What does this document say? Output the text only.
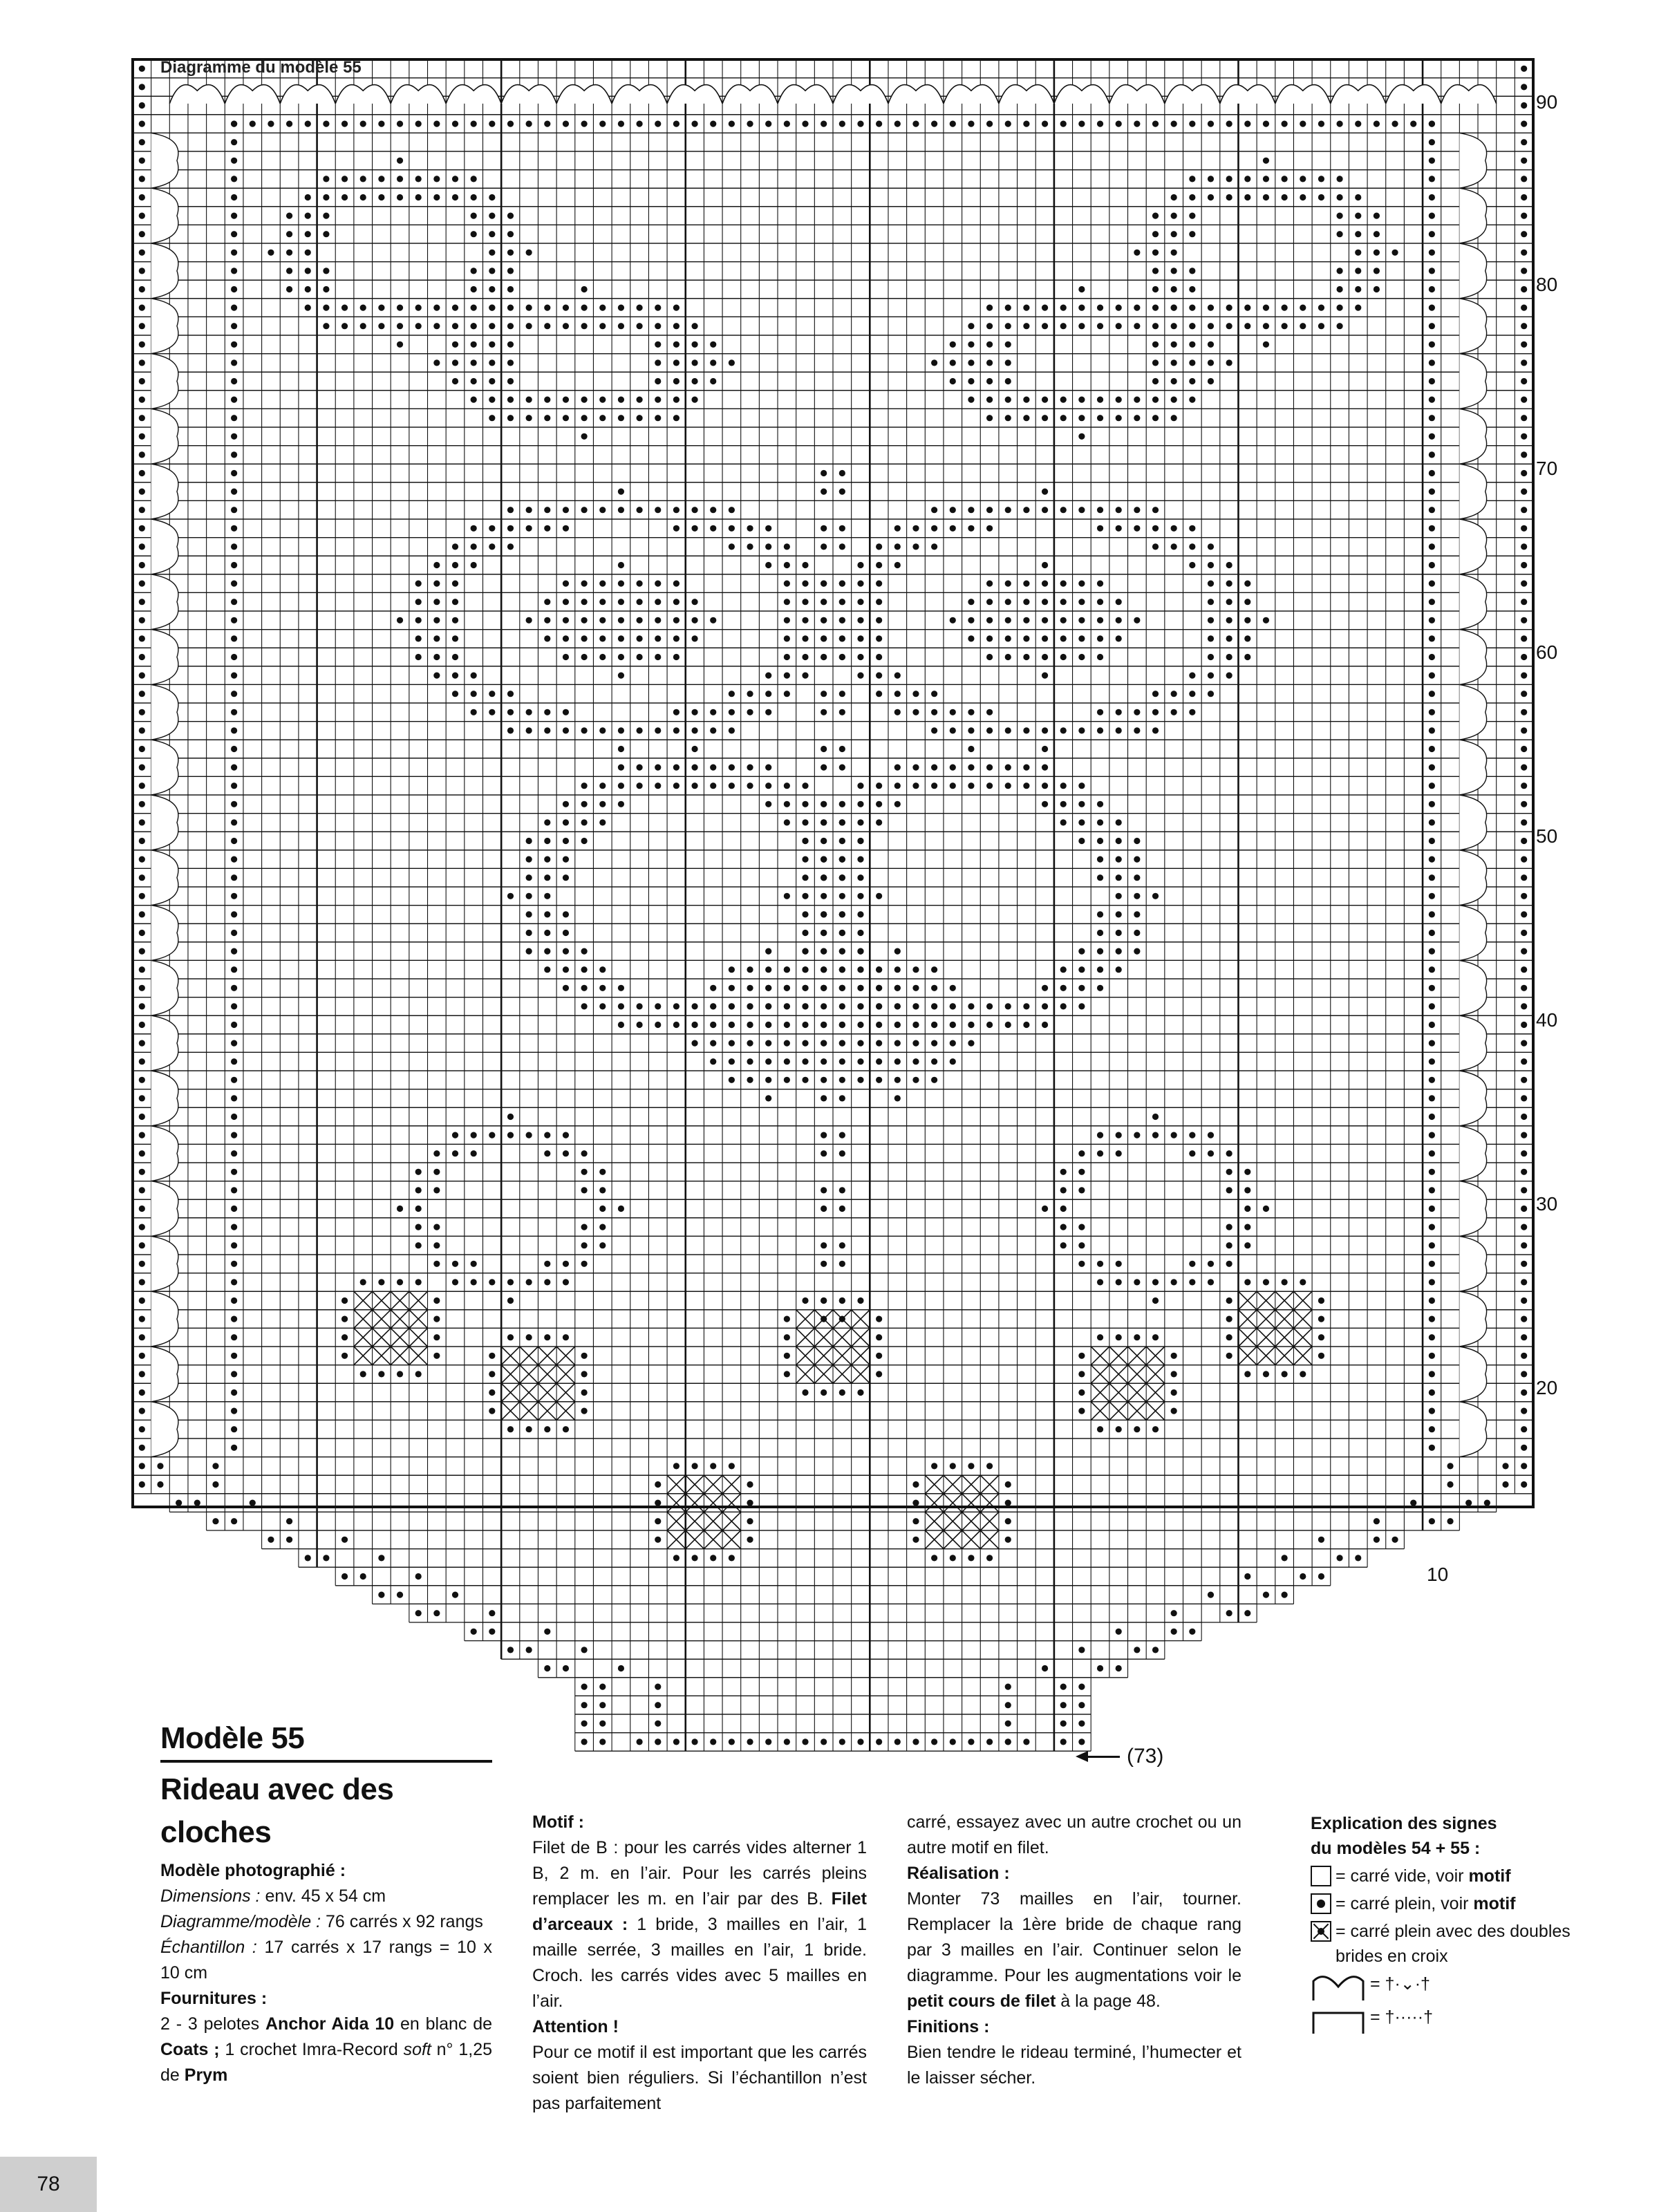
Diagramme du modèle 55
90
80
70
60
50
40
30
20
10
(73)

Modèle 55

Rideau avec des cloches

Modèle photographié :

Dimensions : env. 45 x 54 cm

Diagramme/modèle : 76 carrés x 92 rangs

Échantillon : 17 carrés x 17 rangs = 10 x 10 cm

Fournitures :

2 - 3 pelotes Anchor Aida 10 en blanc de Coats ; 1 crochet Imra-Record soft n° 1,25 de Prym

Motif :

Filet de B : pour les carrés vides alterner 1 B, 2 m. en l’air. Pour les carrés pleins remplacer les m. en l’air par des B. Filet d’arceaux : 1 bride, 3 mailles en l’air, 1 maille serrée, 3 mailles en l’air, 1 bride. Croch. les carrés vides avec 5 mailles en l’air.

Attention !

Pour ce motif il est important que les carrés soient bien réguliers. Si l’échantillon n’est pas parfaitement

carré, essayez avec un autre crochet ou un autre motif en filet.

Réalisation :

Monter 73 mailles en l’air, tourner. Remplacer la 1ère bride de chaque rang par 3 mailles en l’air. Continuer selon le diagramme. Pour les augmentations voir le petit cours de filet à la page 48.

Finitions :

Bien tendre le rideau terminé, l’humecter et le laisser sécher.

Explication des signes
du modèles 54 + 55 :
= carré vide, voir motif
= carré plein, voir motif
= carré plein avec des doubles brides en croix
= †·⌄·†
= †·····†
78
